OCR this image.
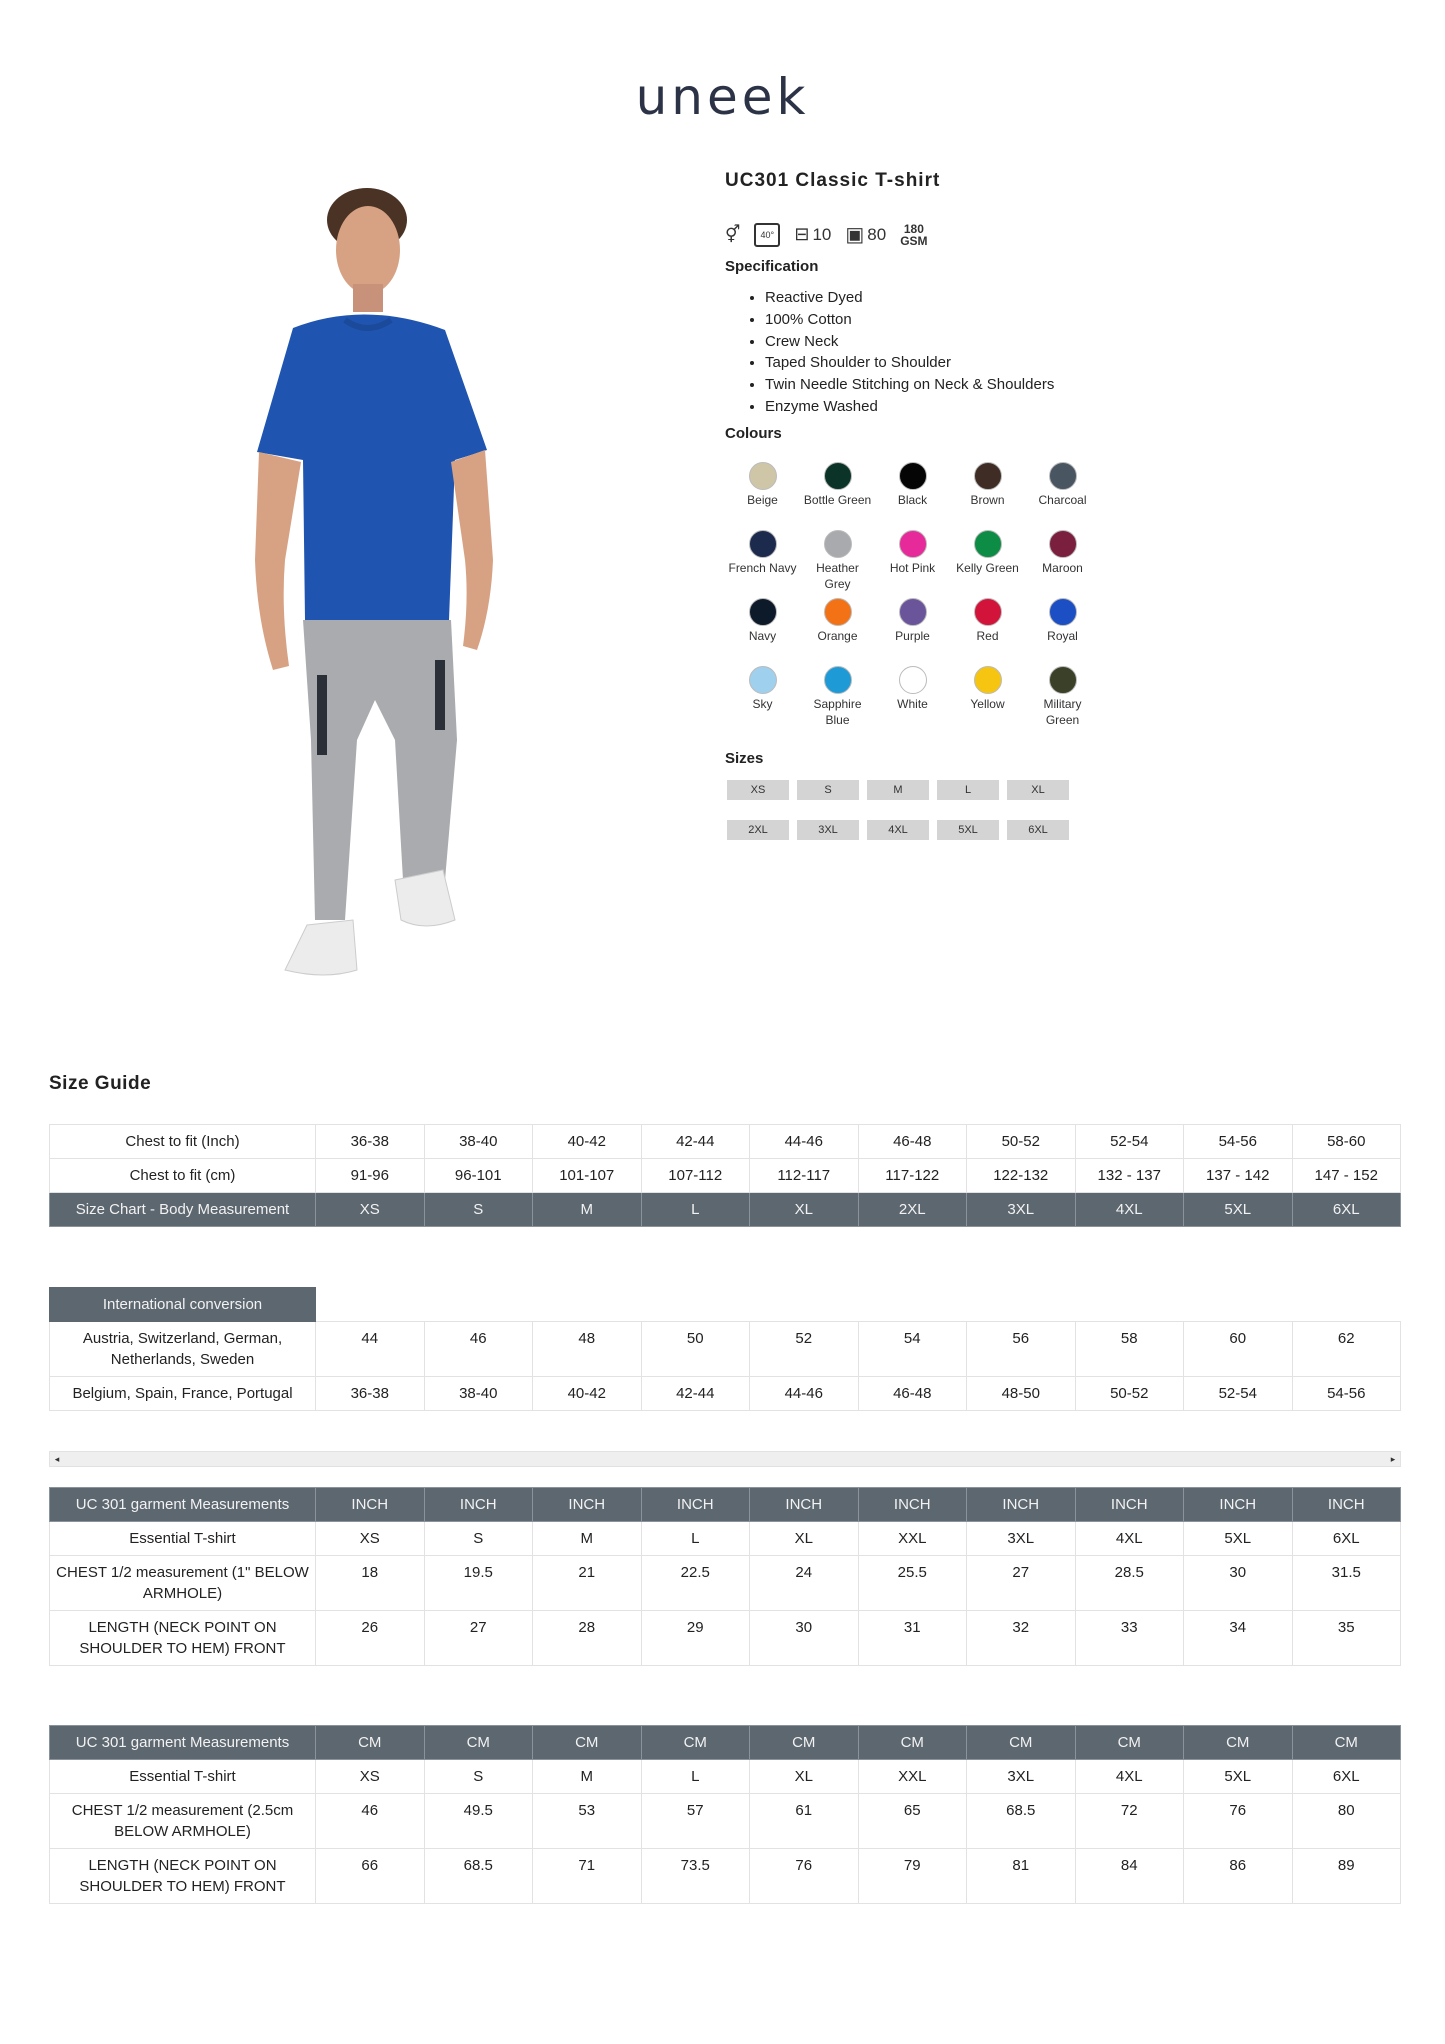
uneek
UC301 Classic T-shirt
⚥	40°	⊟ 10 ▣ 80	180
GSM
Specification
• Reactive Dyed
• 100% Cotton
• Crew Neck
• Taped Shoulder to Shoulder
• Twin Needle Stitching on Neck & Shoulders
• Enzyme Washed
Colours
Beige	Bottle Green	Black	Brown	Charcoal
French Navy	Heather Grey
Hot Pink	Kelly Green	Maroon
Navy	Orange	Purple	Red	Royal
Sky	Sapphire Blue
White	Yellow	Military Green
Sizes
XS	S	M	L	XL
2XL	3XL	4XL	5XL	6XL
Size Guide
Chest to fit (Inch)	36-38	38-40	40-42	42-44	44-46	46-48	50-52	52-54	54-56	58-60
Chest to fit (cm)	91-96	96-101	101-107	107-112	112-117	117-122	122-132	132 - 137	137 - 142	147 - 152
Size Chart - Body Measurement	XS	S	M	L	XL	2XL	3XL	4XL	5XL	6XL
International conversion										
Austria, Switzerland, German, Netherlands, Sweden	44	46	48	50	52	54	56	58	60	62
Belgium, Spain, France, Portugal	36-38	38-40	40-42	42-44	44-46	46-48	48-50	50-52	52-54	54-56
◂	▸
UC 301 garment Measurements	INCH	INCH	INCH	INCH	INCH	INCH	INCH	INCH	INCH	INCH
Essential T-shirt	XS	S	M	L	XL	XXL	3XL	4XL	5XL	6XL
CHEST 1/2 measurement (1" BELOW ARMHOLE)	18	19.5	21	22.5	24	25.5	27	28.5	30	31.5
LENGTH (NECK POINT ON SHOULDER TO HEM) FRONT	26	27	28	29	30	31	32	33	34	35
UC 301 garment Measurements	CM	CM	CM	CM	CM	CM	CM	CM	CM	CM
Essential T-shirt	XS	S	M	L	XL	XXL	3XL	4XL	5XL	6XL
CHEST 1/2 measurement (2.5cm BELOW ARMHOLE)	46	49.5	53	57	61	65	68.5	72	76	80
LENGTH (NECK POINT ON SHOULDER TO HEM) FRONT	66	68.5	71	73.5	76	79	81	84	86	89
